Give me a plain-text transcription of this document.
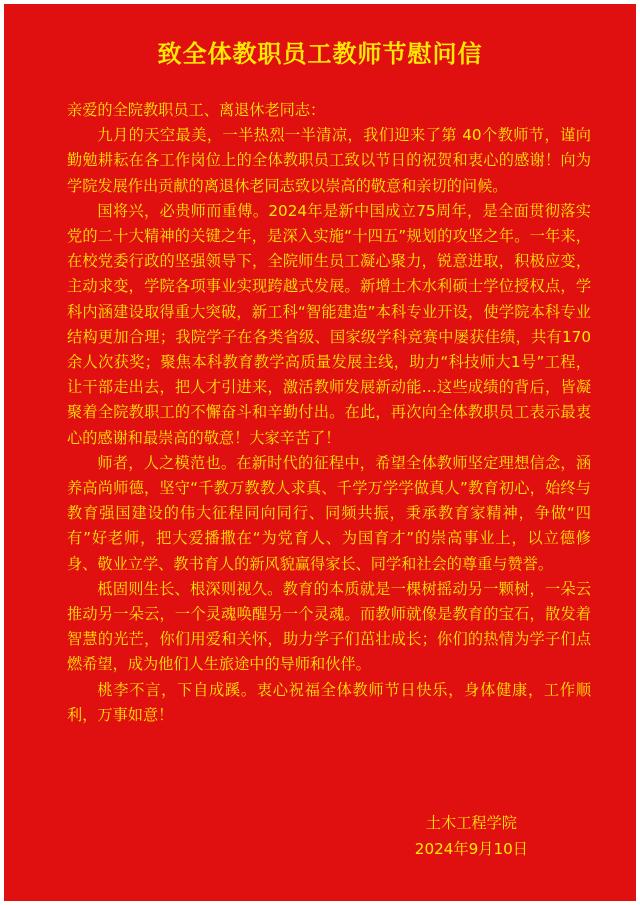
致全体教职员工教师节慰问信

亲爱的全院教职员工、离退休老同志：

九月的天空最美，一半热烈一半清凉，我们迎来了第 40个教师节，谨向勤勉耕耘在各工作岗位上的全体教职员工致以节日的祝贺和衷心的感谢！向为学院发展作出贡献的离退休老同志致以崇高的敬意和亲切的问候。

国将兴，必贵师而重傅。2024年是新中国成立75周年，是全面贯彻落实党的二十大精神的关键之年，是深入实施“十四五”规划的攻坚之年。一年来，在校党委行政的坚强领导下，全院师生员工凝心聚力，锐意进取，积极应变，主动求变，学院各项事业实现跨越式发展。新增土木水利硕士学位授权点，学科内涵建设取得重大突破，新工科“智能建造”本科专业开设，使学院本科专业结构更加合理；我院学子在各类省级、国家级学科竞赛中屡获佳绩，共有170余人次获奖；聚焦本科教育教学高质量发展主线，助力“科技师大1号”工程，让干部走出去，把人才引进来，激活教师发展新动能…这些成绩的背后，皆凝聚着全院教职工的不懈奋斗和辛勤付出。在此，再次向全体教职员工表示最衷心的感谢和最崇高的敬意！大家辛苦了！

师者，人之模范也。在新时代的征程中，希望全体教师坚定理想信念，涵养高尚师德，坚守“千教万教教人求真、千学万学学做真人”教育初心，始终与教育强国建设的伟大征程同向同行、同频共振，秉承教育家精神，争做“四有”好老师，把大爱播撒在“为党育人、为国育才”的崇高事业上，以立德修身、敬业立学、教书育人的新风貌赢得家长、同学和社会的尊重与赞誉。

柢固则生长、根深则视久。教育的本质就是一棵树摇动另一颗树，一朵云推动另一朵云，一个灵魂唤醒另一个灵魂。而教师就像是教育的宝石，散发着智慧的光芒，你们用爱和关怀，助力学子们茁壮成长；你们的热情为学子们点燃希望，成为他们人生旅途中的导师和伙伴。

桃李不言，下自成蹊。衷心祝福全体教师节日快乐，身体健康，工作顺利，万事如意！

土木工程学院
2024年9月10日
